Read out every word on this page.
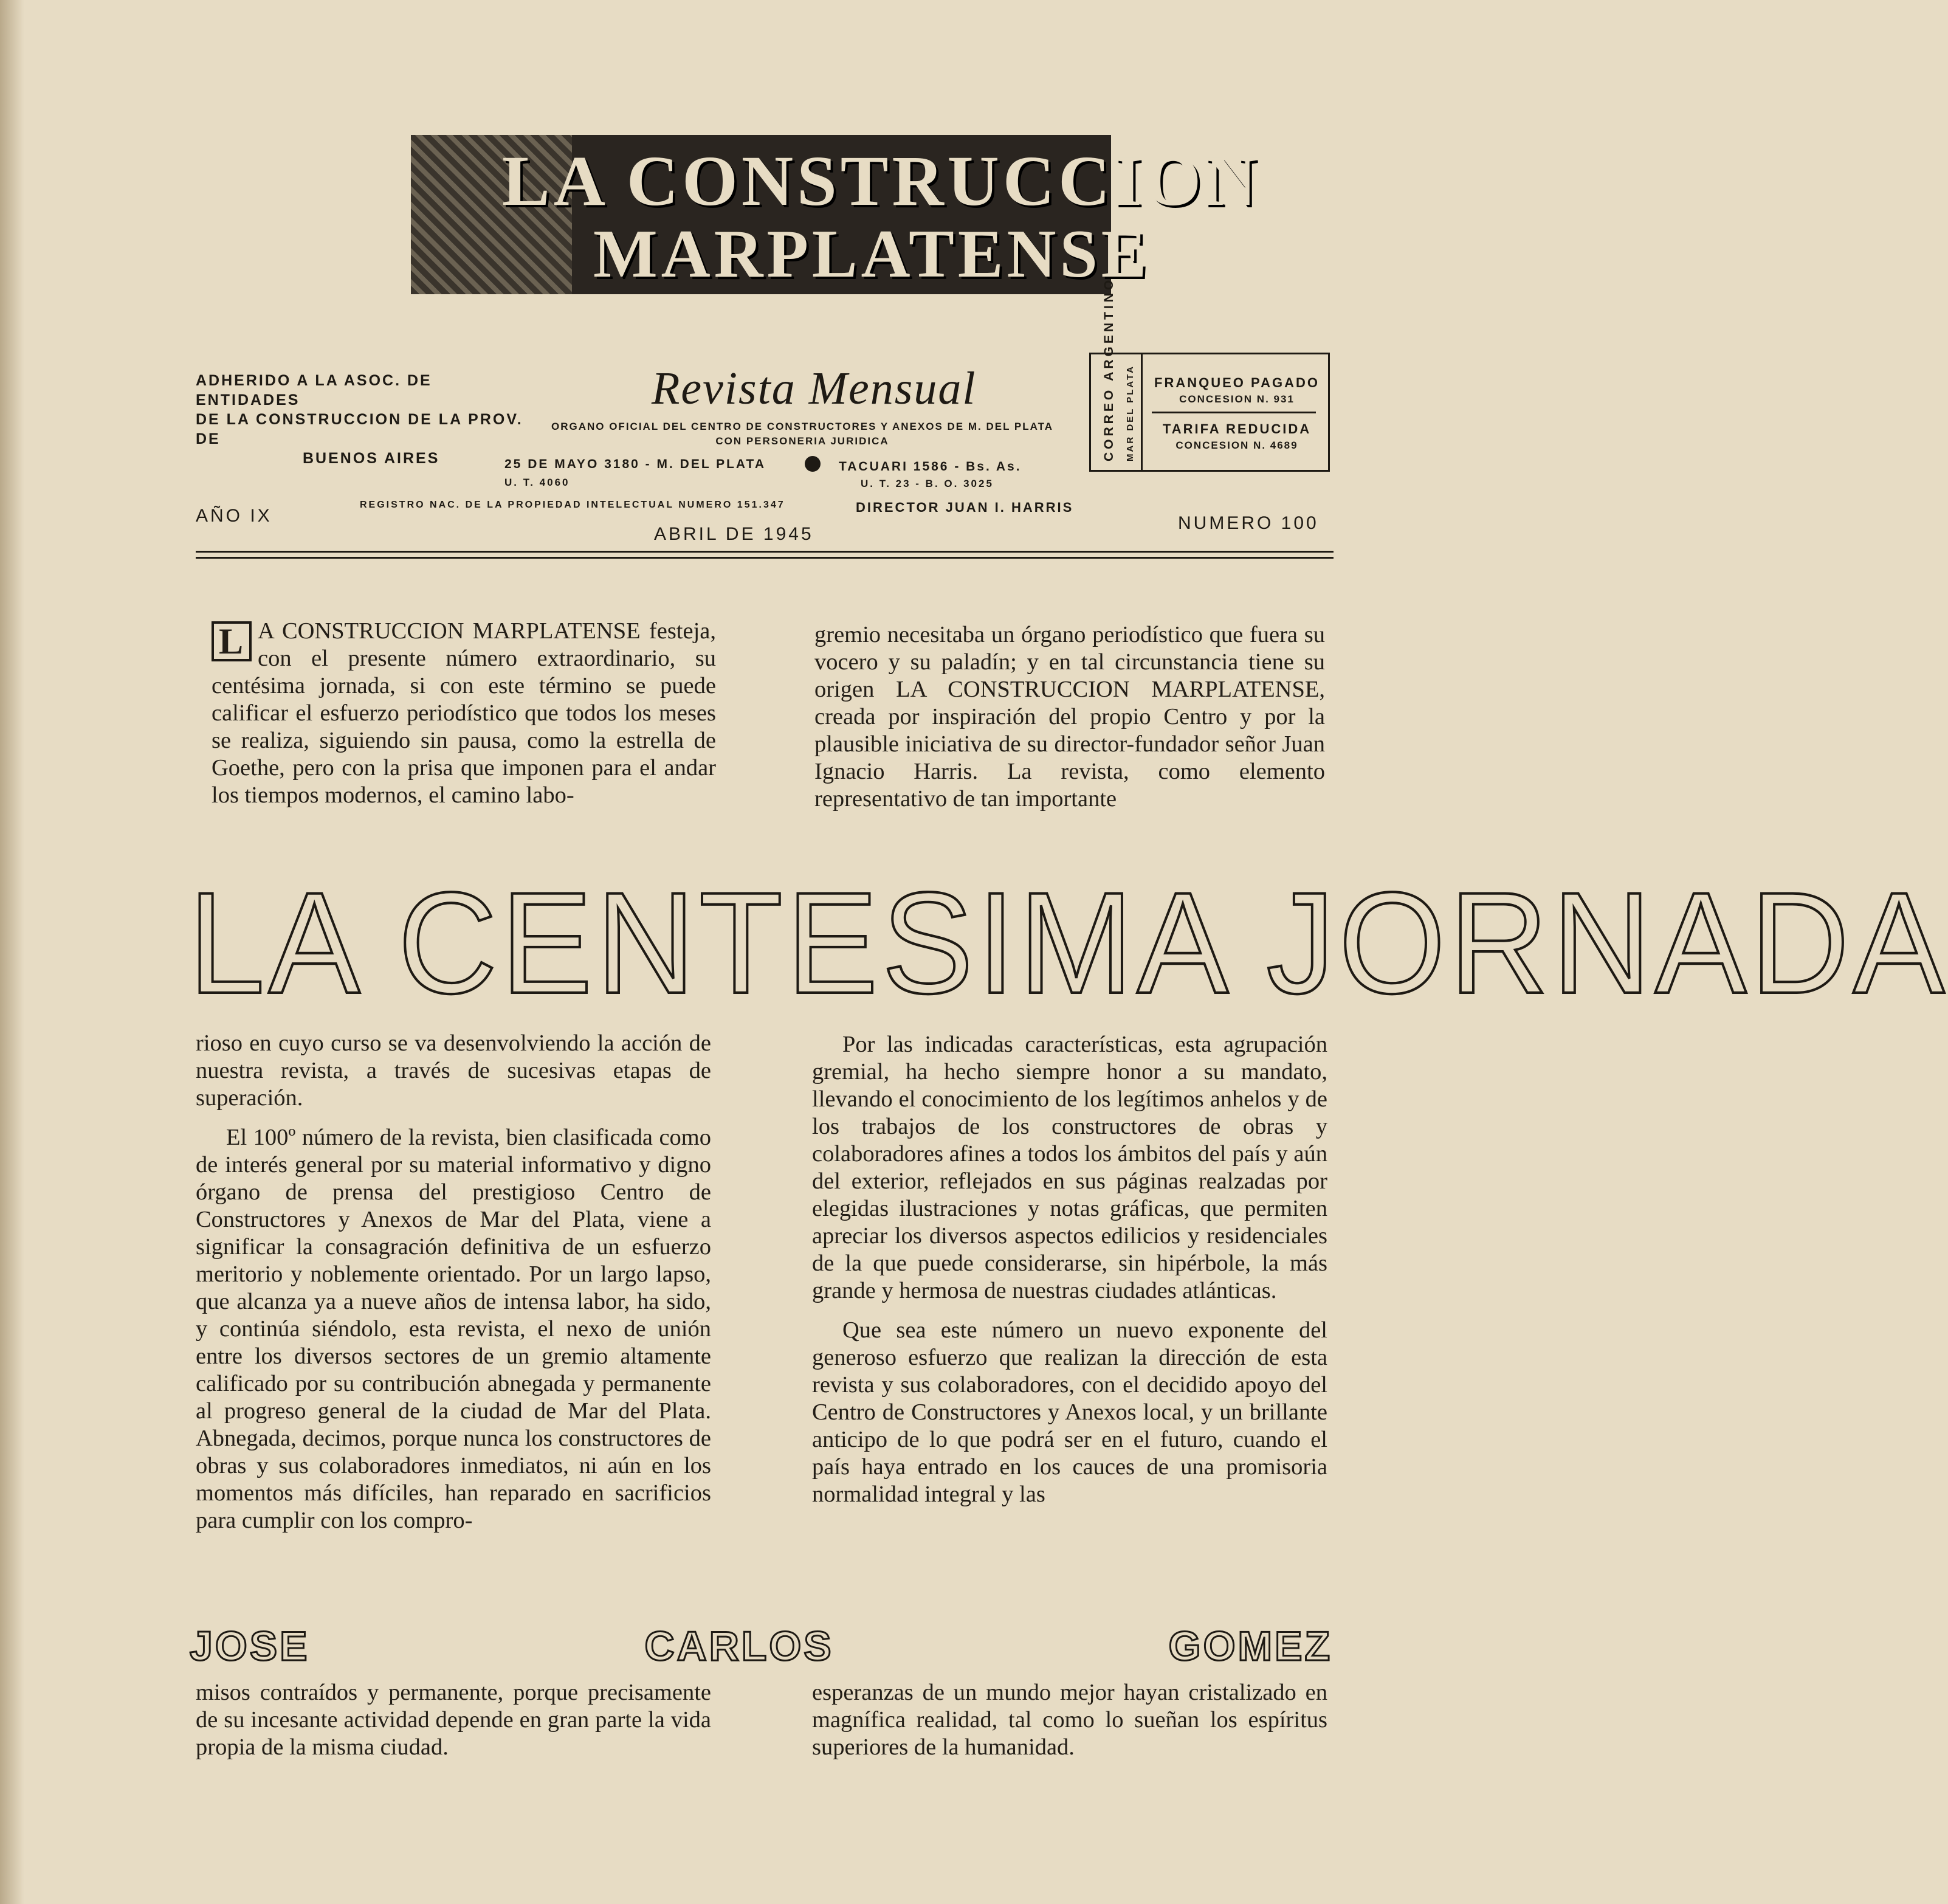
LA CONSTRUCCION
MARPLATENSE
ADHERIDO A LA ASOC. DE ENTIDADES
DE LA CONSTRUCCION DE LA PROV. DE
BUENOS AIRES
Revista Mensual
ORGANO OFICIAL DEL CENTRO DE CONSTRUCTORES Y ANEXOS DE M. DEL PLATA
CON PERSONERIA JURIDICA	CORREO ARGENTINO MAR DEL PLATA	FRANQUEO PAGADO
CONCESION N. 931
TARIFA REDUCIDA
CONCESION N. 4689
25 DE MAYO 3180 - M. DEL PLATA	TACUARI 1586 - Bs. As.
U. T. 4060	U. T. 23 - B. O. 3025
REGISTRO NAC. DE LA PROPIEDAD INTELECTUAL NUMERO 151.347	DIRECTOR JUAN I. HARRIS
AÑO IX
ABRIL DE 1945
NUMERO 100
L A CONSTRUCCION MARPLATENSE festeja, con el presente número extraordinario, su centésima jornada, si con este término se puede calificar el esfuerzo periodístico que todos los meses se realiza, siguiendo sin pausa, como la estrella de Goethe, pero con la prisa que imponen para el andar los tiempos modernos, el camino labo-
gremio necesitaba un órgano periodístico que fuera su vocero y su paladín; y en tal circunstancia tiene su origen LA CONSTRUCCION MARPLATENSE, creada por inspiración del propio Centro y por la plausible iniciativa de su director-fundador señor Juan Ignacio Harris. La revista, como elemento representativo de tan importante
LA CENTESIMA JORNADA

rioso en cuyo curso se va desenvolviendo la acción de nuestra revista, a través de sucesivas etapas de superación.

El 100º número de la revista, bien clasificada como de interés general por su material informativo y digno órgano de prensa del prestigioso Centro de Constructores y Anexos de Mar del Plata, viene a significar la consagración definitiva de un esfuerzo meritorio y noblemente orientado. Por un largo lapso, que alcanza ya a nueve años de intensa labor, ha sido, y continúa siéndolo, esta revista, el nexo de unión entre los diversos sectores de un gremio altamente calificado por su contribución abnegada y permanente al progreso general de la ciudad de Mar del Plata. Abnegada, decimos, porque nunca los constructores de obras y sus colaboradores inmediatos, ni aún en los momentos más difíciles, han reparado en sacrificios para cumplir con los compro-

Por las indicadas características, esta agrupación gremial, ha hecho siempre honor a su mandato, llevando el conocimiento de los legítimos anhelos y de los trabajos de los constructores de obras y colaboradores afines a todos los ámbitos del país y aún del exterior, reflejados en sus páginas realzadas por elegidas ilustraciones y notas gráficas, que permiten apreciar los diversos aspectos edilicios y residenciales de la que puede considerarse, sin hipérbole, la más grande y hermosa de nuestras ciudades atlánticas.

Que sea este número un nuevo exponente del generoso esfuerzo que realizan la dirección de esta revista y sus colaboradores, con el decidido apoyo del Centro de Constructores y Anexos local, y un brillante anticipo de lo que podrá ser en el futuro, cuando el país haya entrado en los cauces de una promisoria normalidad integral y las

JOSE CARLOS GOMEZ

misos contraídos y permanente, porque precisamente de su incesante actividad depende en gran parte la vida propia de la misma ciudad.

esperanzas de un mundo mejor hayan cristalizado en magnífica realidad, tal como lo sueñan los espíritus superiores de la humanidad.
